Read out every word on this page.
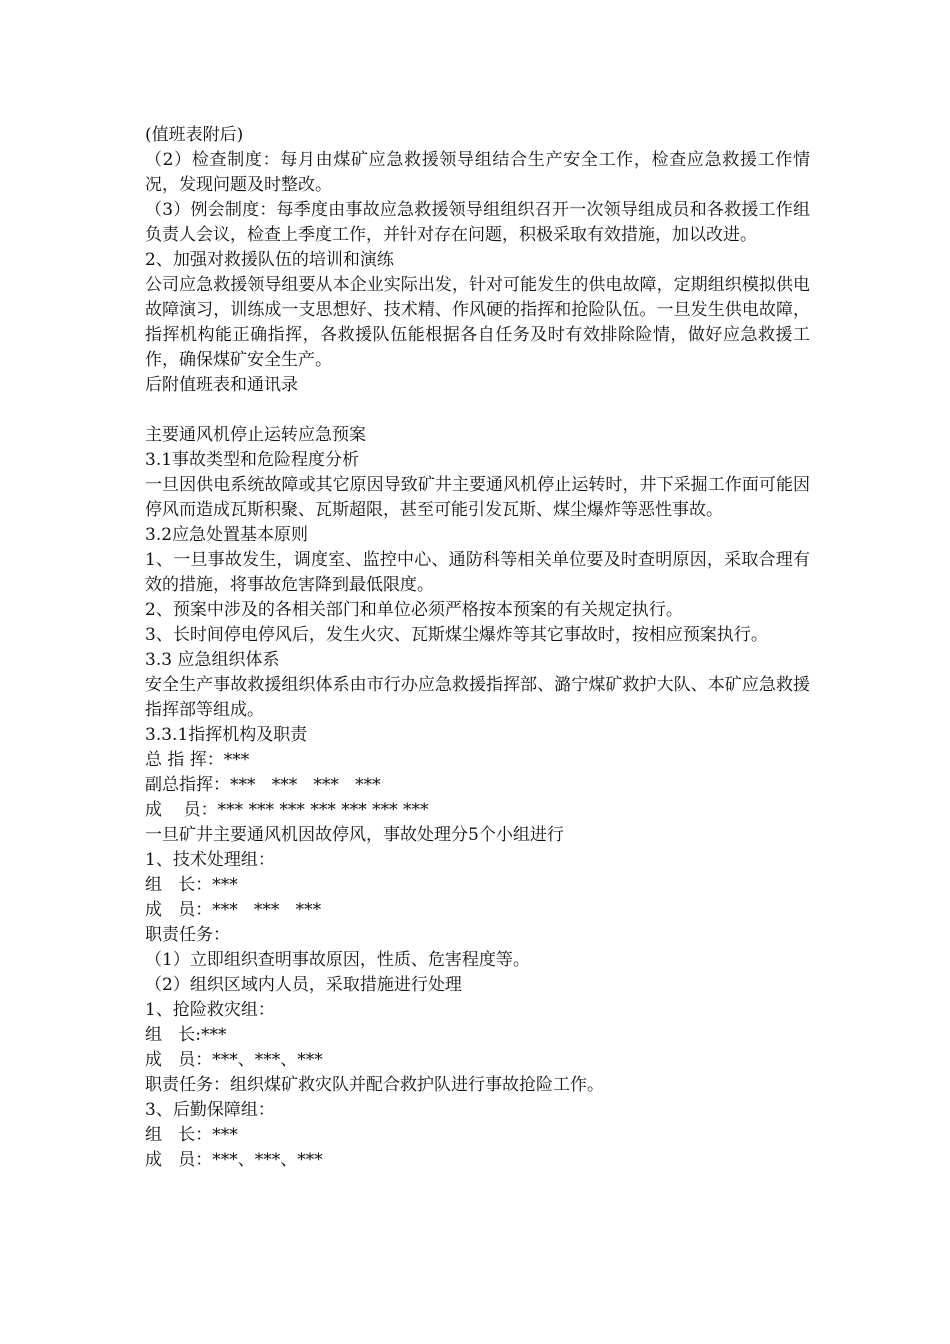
(值班表附后)

（2）检查制度：每月由煤矿应急救援领导组结合生产安全工作，检查应急救援工作情况，发现问题及时整改。

（3）例会制度：每季度由事故应急救援领导组组织召开一次领导组成员和各救援工作组负责人会议，检查上季度工作，并针对存在问题，积极采取有效措施，加以改进。

2、加强对救援队伍的培训和演练

公司应急救援领导组要从本企业实际出发，针对可能发生的供电故障，定期组织模拟供电故障演习，训练成一支思想好、技术精、作风硬的指挥和抢险队伍。一旦发生供电故障，指挥机构能正确指挥，各救援队伍能根据各自任务及时有效排除险情，做好应急救援工作，确保煤矿安全生产。

后附值班表和通讯录

主要通风机停止运转应急预案

3.1事故类型和危险程度分析

一旦因供电系统故障或其它原因导致矿井主要通风机停止运转时，井下采掘工作面可能因停风而造成瓦斯积聚、瓦斯超限，甚至可能引发瓦斯、煤尘爆炸等恶性事故。

3.2应急处置基本原则

1、一旦事故发生，调度室、监控中心、通防科等相关单位要及时查明原因，采取合理有效的措施，将事故危害降到最低限度。

2、预案中涉及的各相关部门和单位必须严格按本预案的有关规定执行。

3、长时间停电停风后，发生火灾、瓦斯煤尘爆炸等其它事故时，按相应预案执行。

3.3 应急组织体系

安全生产事故救援组织体系由市行办应急救援指挥部、潞宁煤矿救护大队、本矿应急救援指挥部等组成。

3.3.1指挥机构及职责

总 指 挥：***

副总指挥：***   ***   ***   ***

成    员：*** *** *** *** *** *** ***

一旦矿井主要通风机因故停风，事故处理分5个小组进行

1、技术处理组：

组   长：***

成   员：***   ***   ***

职责任务：

（1）立即组织查明事故原因，性质、危害程度等。

（2）组织区域内人员，采取措施进行处理

1、抢险救灾组：

组   长:***

成   员：***、***、***

职责任务：组织煤矿救灾队并配合救护队进行事故抢险工作。

3、后勤保障组：

组   长：***

成   员：***、***、***
